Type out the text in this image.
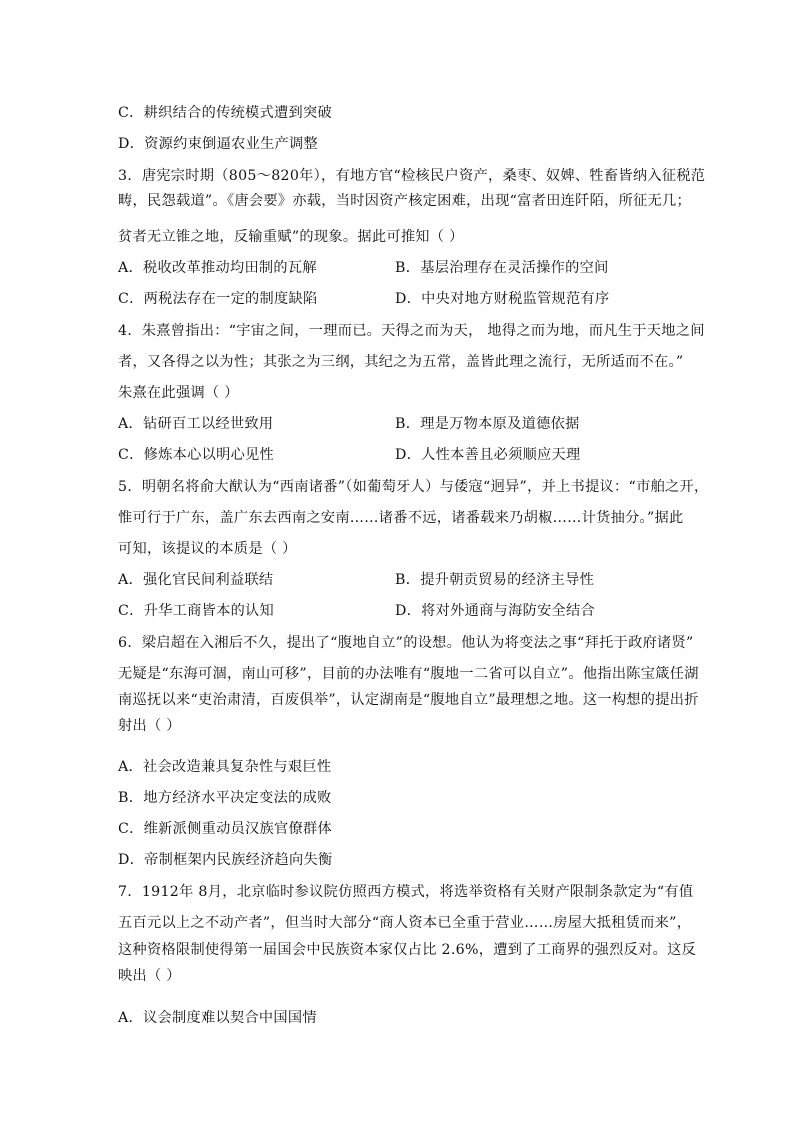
C．耕织结合的传统模式遭到突破
D．资源约束倒逼农业生产调整
3．唐宪宗时期（805～820年），有地方官“检核民户资产，桑枣、奴婢、牲畜皆纳入征税范
畴，民怨载道”。《唐会要》亦载，当时因资产核定困难，出现“富者田连阡陌，所征无几；
贫者无立锥之地，反输重赋”的现象。据此可推知（ ）
A．税收改革推动均田制的瓦解	B．基层治理存在灵活操作的空间
C．两税法存在一定的制度缺陷	D．中央对地方财税监管规范有序
4．朱熹曾指出：“宇宙之间，一理而已。天得之而为天， 地得之而为地，而凡生于天地之间
者，又各得之以为性；其张之为三纲，其纪之为五常，盖皆此理之流行，无所适而不在。”
朱熹在此强调（ ）
A．钻研百工以经世致用	B．理是万物本原及道德依据
C．修炼本心以明心见性	D．人性本善且必须顺应天理
5．明朝名将俞大猷认为“西南诸番”（如葡萄牙人）与倭寇“迥异”，并上书提议：“市舶之开，
惟可行于广东，盖广东去西南之安南……诸番不远，诸番载来乃胡椒……计货抽分。”据此
可知，该提议的本质是（ ）
A．强化官民间利益联结	B．提升朝贡贸易的经济主导性
C．升华工商皆本的认知	D．将对外通商与海防安全结合
6．梁启超在入湘后不久，提出了“腹地自立”的设想。他认为将变法之事“拜托于政府诸贤”
无疑是“东海可涸，南山可移”，目前的办法唯有“腹地一二省可以自立”。他指出陈宝箴任湖
南巡抚以来“吏治肃清，百废俱举”，认定湖南是“腹地自立”最理想之地。这一构想的提出折
射出（ ）
A．社会改造兼具复杂性与艰巨性
B．地方经济水平决定变法的成败
C．维新派侧重动员汉族官僚群体
D．帝制框架内民族经济趋向失衡
7．1912年 8月，北京临时参议院仿照西方模式，将选举资格有关财产限制条款定为“有值
五百元以上之不动产者”，但当时大部分“商人资本已全重于营业……房屋大抵租赁而来”，
这种资格限制使得第一届国会中民族资本家仅占比 2.6%，遭到了工商界的强烈反对。这反
映出（ ）
A．议会制度难以契合中国国情
